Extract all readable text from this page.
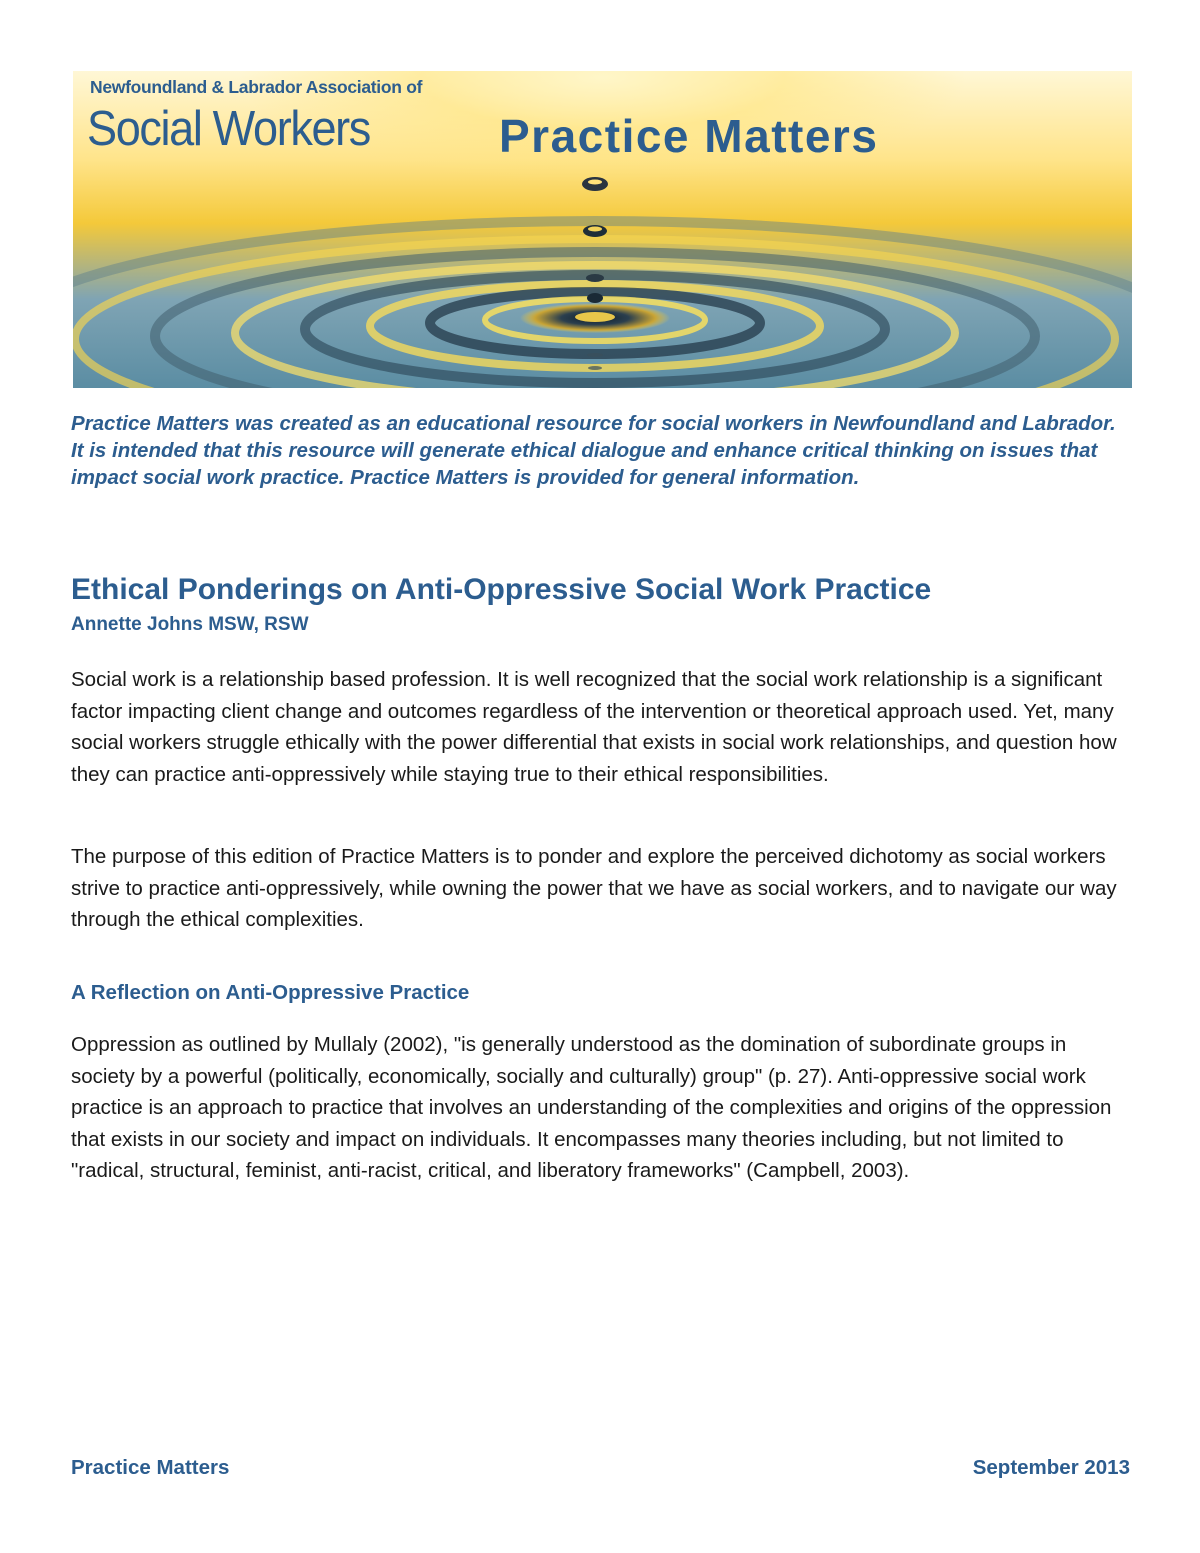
Newfoundland & Labrador Association of
Social Workers	Practice Matters
Practice Matters was created as an educational resource for social workers in Newfoundland and Labrador. It is intended that this resource will generate ethical dialogue and enhance critical thinking on issues that impact social work practice. Practice Matters is provided for general information.
Ethical Ponderings on Anti-Oppressive Social Work Practice
Annette Johns MSW, RSW
Social work is a relationship based profession. It is well recognized that the social work relationship is a significant factor impacting client change and outcomes regardless of the intervention or theoretical approach used. Yet, many social workers struggle ethically with the power differential that exists in social work relationships, and question how they can practice anti-oppressively while staying true to their ethical responsibilities.
The purpose of this edition of Practice Matters is to ponder and explore the perceived dichotomy as social workers strive to practice anti-oppressively, while owning the power that we have as social workers, and to navigate our way through the ethical complexities.
A Reflection on Anti-Oppressive Practice
Oppression as outlined by Mullaly (2002), "is generally understood as the domination of subordinate groups in society by a powerful (politically, economically, socially and culturally) group" (p. 27). Anti-oppressive social work practice is an approach to practice that involves an understanding of the complexities and origins of the oppression that exists in our society and impact on individuals. It encompasses many theories including, but not limited to "radical, structural, feminist, anti-racist, critical, and liberatory frameworks" (Campbell, 2003).
Practice Matters	September 2013
